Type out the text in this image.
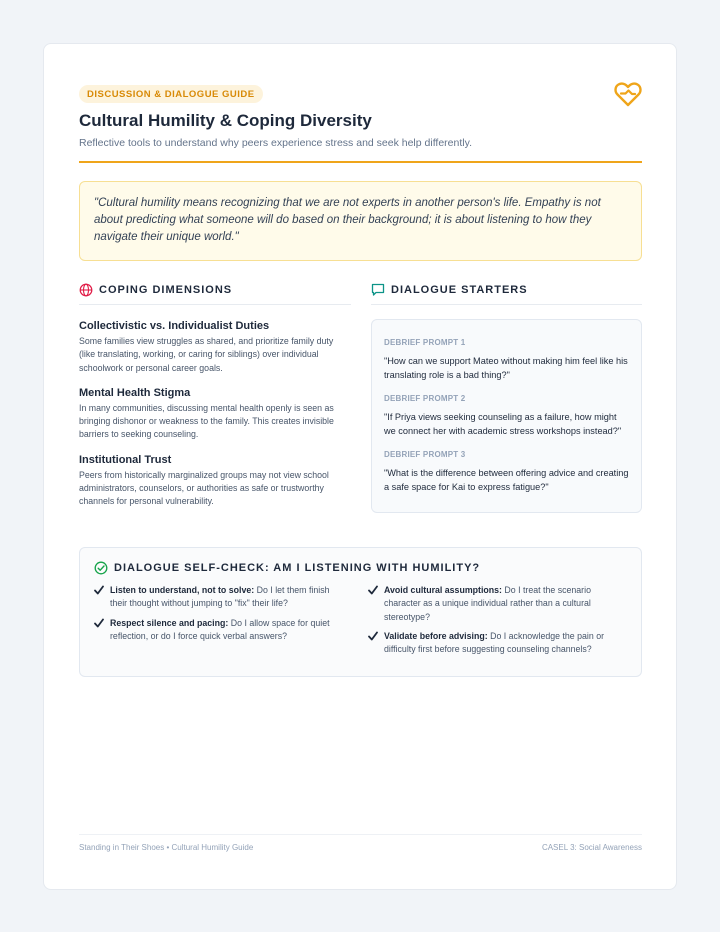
DISCUSSION & DIALOGUE GUIDE
Cultural Humility & Coping Diversity
Reflective tools to understand why peers experience stress and seek help differently.
"Cultural humility means recognizing that we are not experts in another person's life. Empathy is not about predicting what someone will do based on their background; it is about listening to how they navigate their unique world."
COPING DIMENSIONS
Collectivistic vs. Individualist Duties

Some families view struggles as shared, and prioritize family duty (like translating, working, or caring for siblings) over individual schoolwork or personal career goals.

Mental Health Stigma

In many communities, discussing mental health openly is seen as bringing dishonor or weakness to the family. This creates invisible barriers to seeking counseling.

Institutional Trust

Peers from historically marginalized groups may not view school administrators, counselors, or authorities as safe or trustworthy channels for personal vulnerability.

DIALOGUE STARTERS
DEBRIEF PROMPT 1
"How can we support Mateo without making him feel like his translating role is a bad thing?"
DEBRIEF PROMPT 2
"If Priya views seeking counseling as a failure, how might we connect her with academic stress workshops instead?"
DEBRIEF PROMPT 3
"What is the difference between offering advice and creating a safe space for Kai to express fatigue?"
DIALOGUE SELF-CHECK: AM I LISTENING WITH HUMILITY?
Listen to understand, not to solve: Do I let them finish their thought without jumping to "fix" their life?
Respect silence and pacing: Do I allow space for quiet reflection, or do I force quick verbal answers?
Avoid cultural assumptions: Do I treat the scenario character as a unique individual rather than a cultural stereotype?
Validate before advising: Do I acknowledge the pain or difficulty first before suggesting counseling channels?
Standing in Their Shoes • Cultural Humility Guide	CASEL 3: Social Awareness
